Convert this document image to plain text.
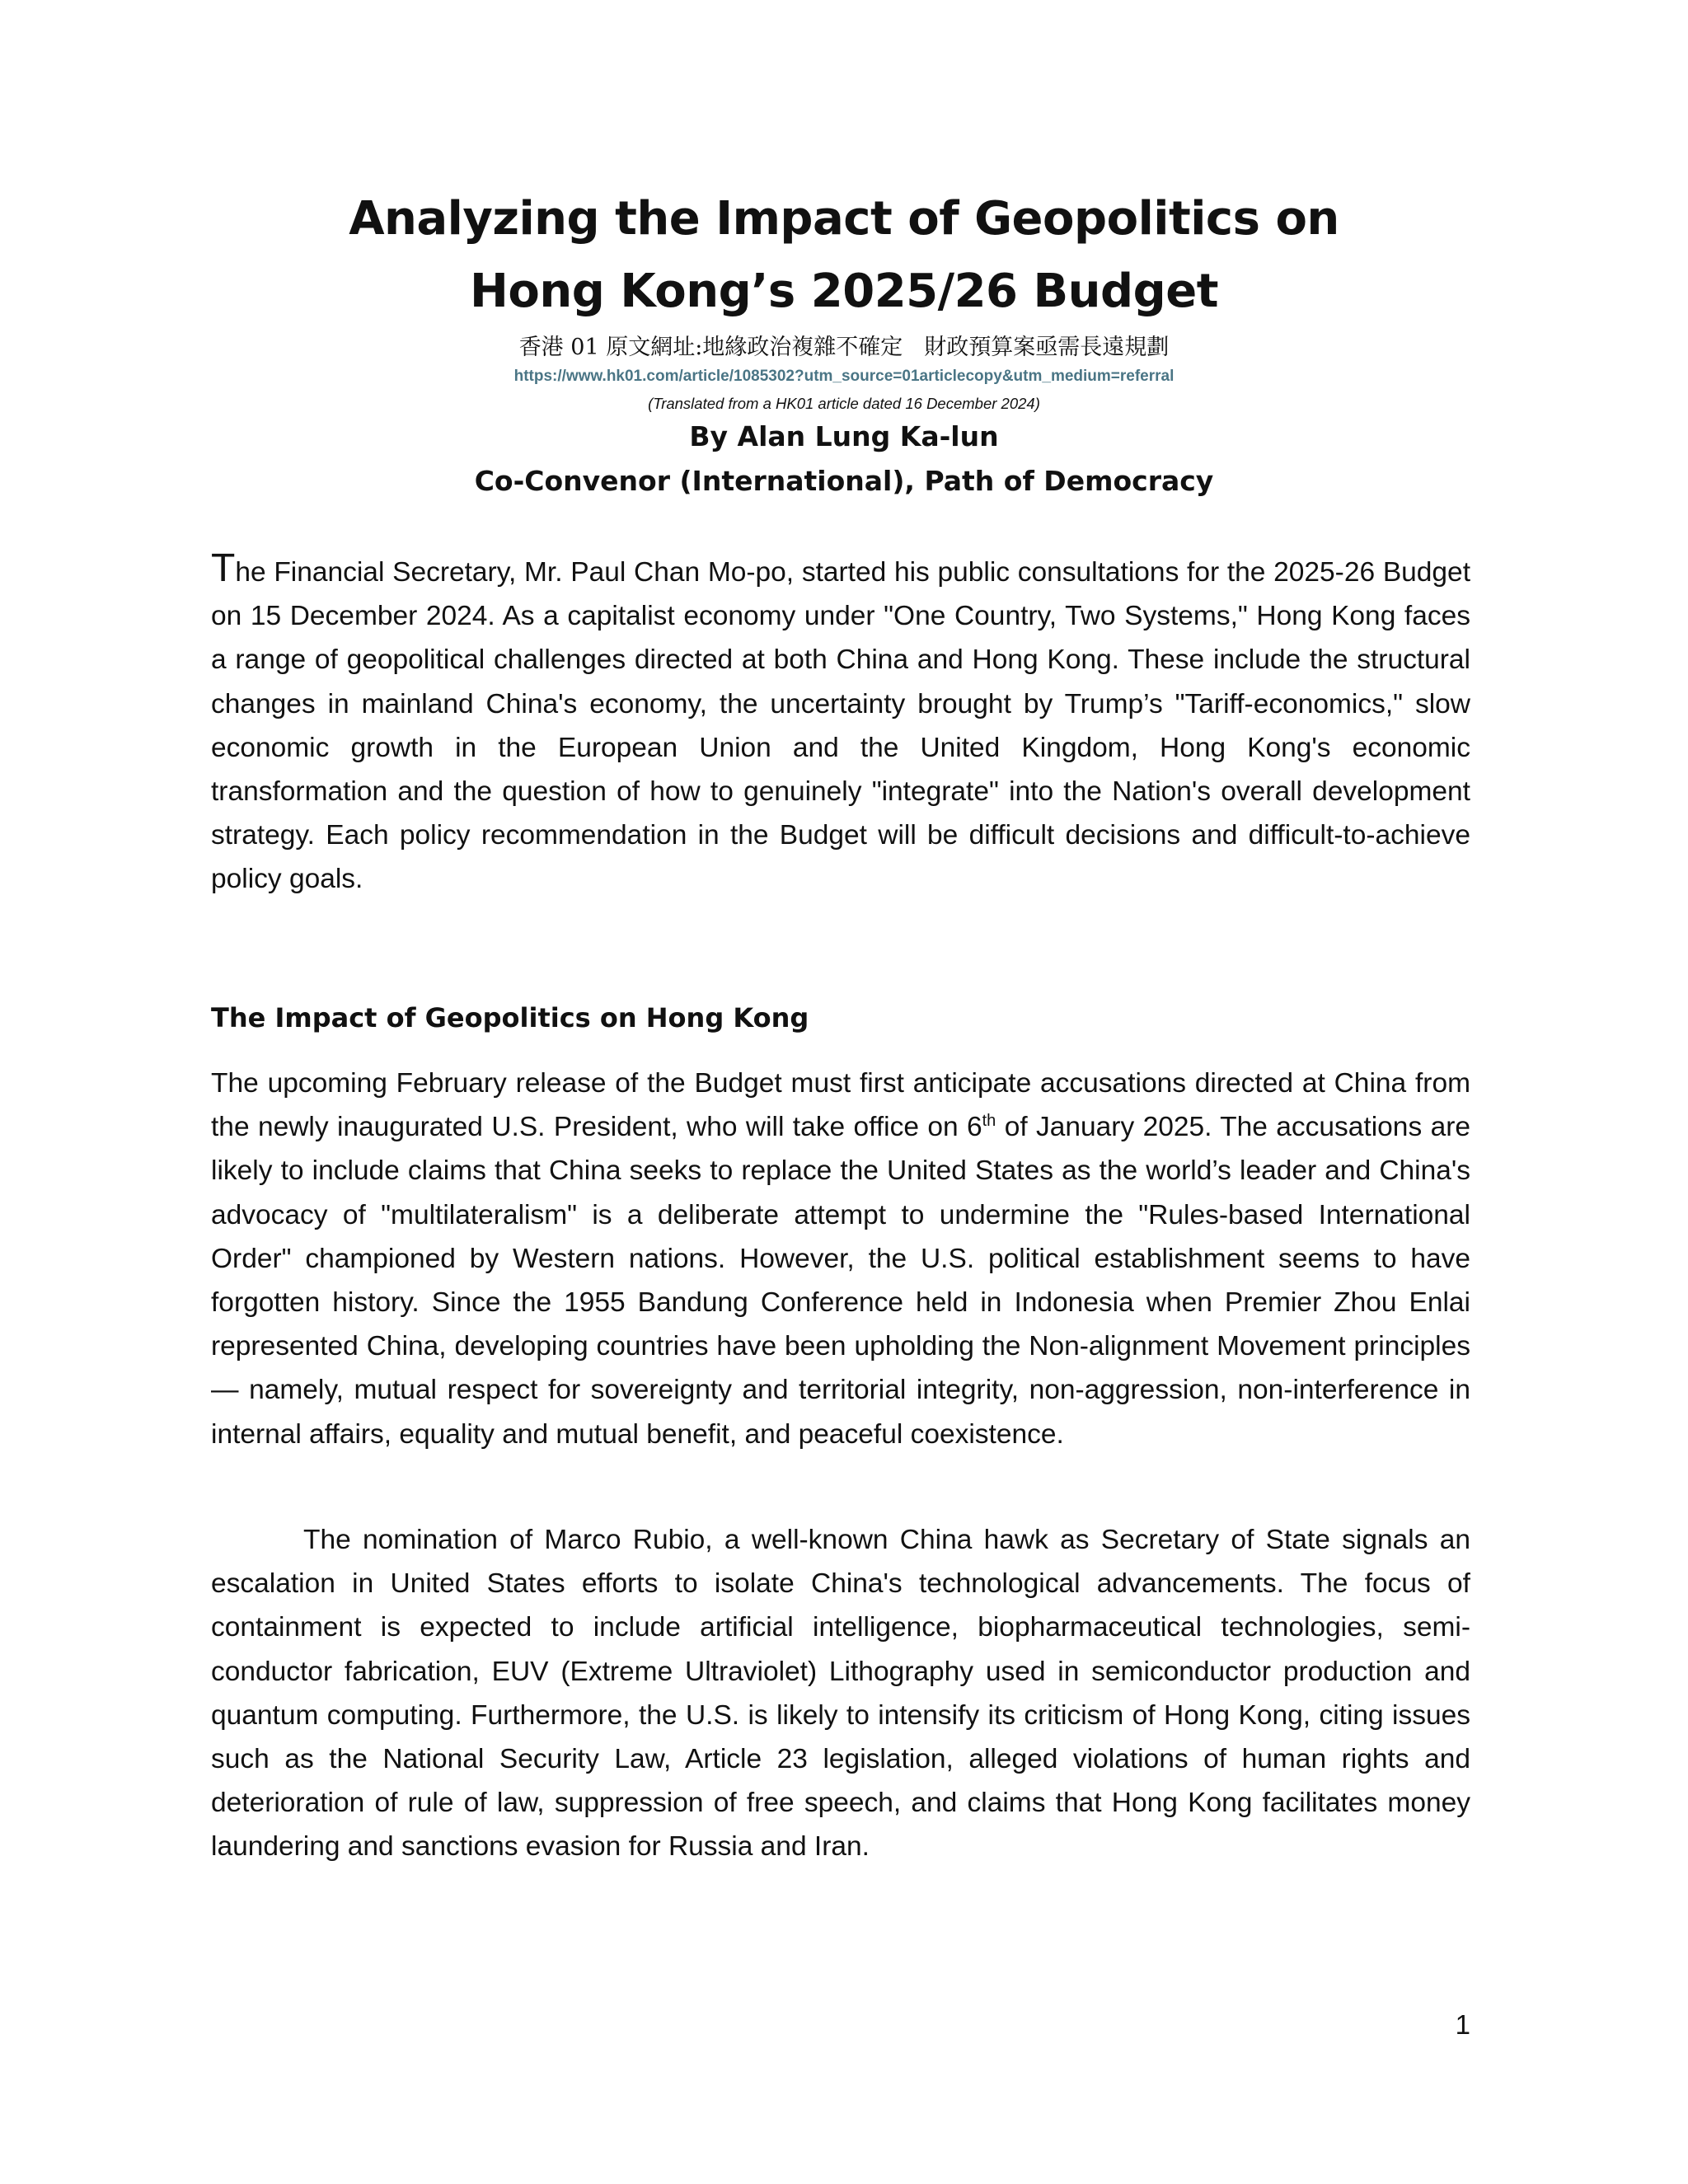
Analyzing the Impact of Geopolitics on
Hong Kong’s 2025/26 Budget
香港 01 原文網址:地緣政治複雜不確定 財政預算案亟需長遠規劃
https://www.hk01.com/article/1085302?utm_source=01articlecopy&utm_medium=referral
(Translated from a HK01 article dated 16 December 2024)
By Alan Lung Ka-lun
Co-Convenor (International), Path of Democracy

The Financial Secretary, Mr. Paul Chan Mo-po, started his public consultations for the 2025-26 Budget on 15 December 2024. As a capitalist economy under "One Country, Two Systems," Hong Kong faces a range of geopolitical challenges directed at both China and Hong Kong. These include the structural changes in mainland China's economy, the uncertainty brought by Trump’s "Tariff-economics," slow economic growth in the European Union and the United Kingdom, Hong Kong's economic transformation and the question of how to genuinely "integrate" into the Nation's overall development strategy. Each policy recommendation in the Budget will be difficult decisions and difficult-to-achieve policy goals.

The Impact of Geopolitics on Hong Kong

The upcoming February release of the Budget must first anticipate accusations directed at China from the newly inaugurated U.S. President, who will take office on 6th of January 2025. The accusations are likely to include claims that China seeks to replace the United States as the world’s leader and China's advocacy of "multilateralism" is a deliberate attempt to undermine the "Rules-based International Order" championed by Western nations. However, the U.S. political establishment seems to have forgotten history. Since the 1955 Bandung Conference held in Indonesia when Premier Zhou Enlai represented China, developing countries have been upholding the Non-alignment Movement principles — namely, mutual respect for sovereignty and territorial integrity, non-aggression, non-interference in internal affairs, equality and mutual benefit, and peaceful coexistence.

The nomination of Marco Rubio, a well-known China hawk as Secretary of State signals an escalation in United States efforts to isolate China's technological advancements. The focus of containment is expected to include artificial intelligence, biopharmaceutical technologies, semi-conductor fabrication, EUV (Extreme Ultraviolet) Lithography used in semiconductor production and quantum computing. Furthermore, the U.S. is likely to intensify its criticism of Hong Kong, citing issues such as the National Security Law, Article 23 legislation, alleged violations of human rights and deterioration of rule of law, suppression of free speech, and claims that Hong Kong facilitates money laundering and sanctions evasion for Russia and Iran.

1
